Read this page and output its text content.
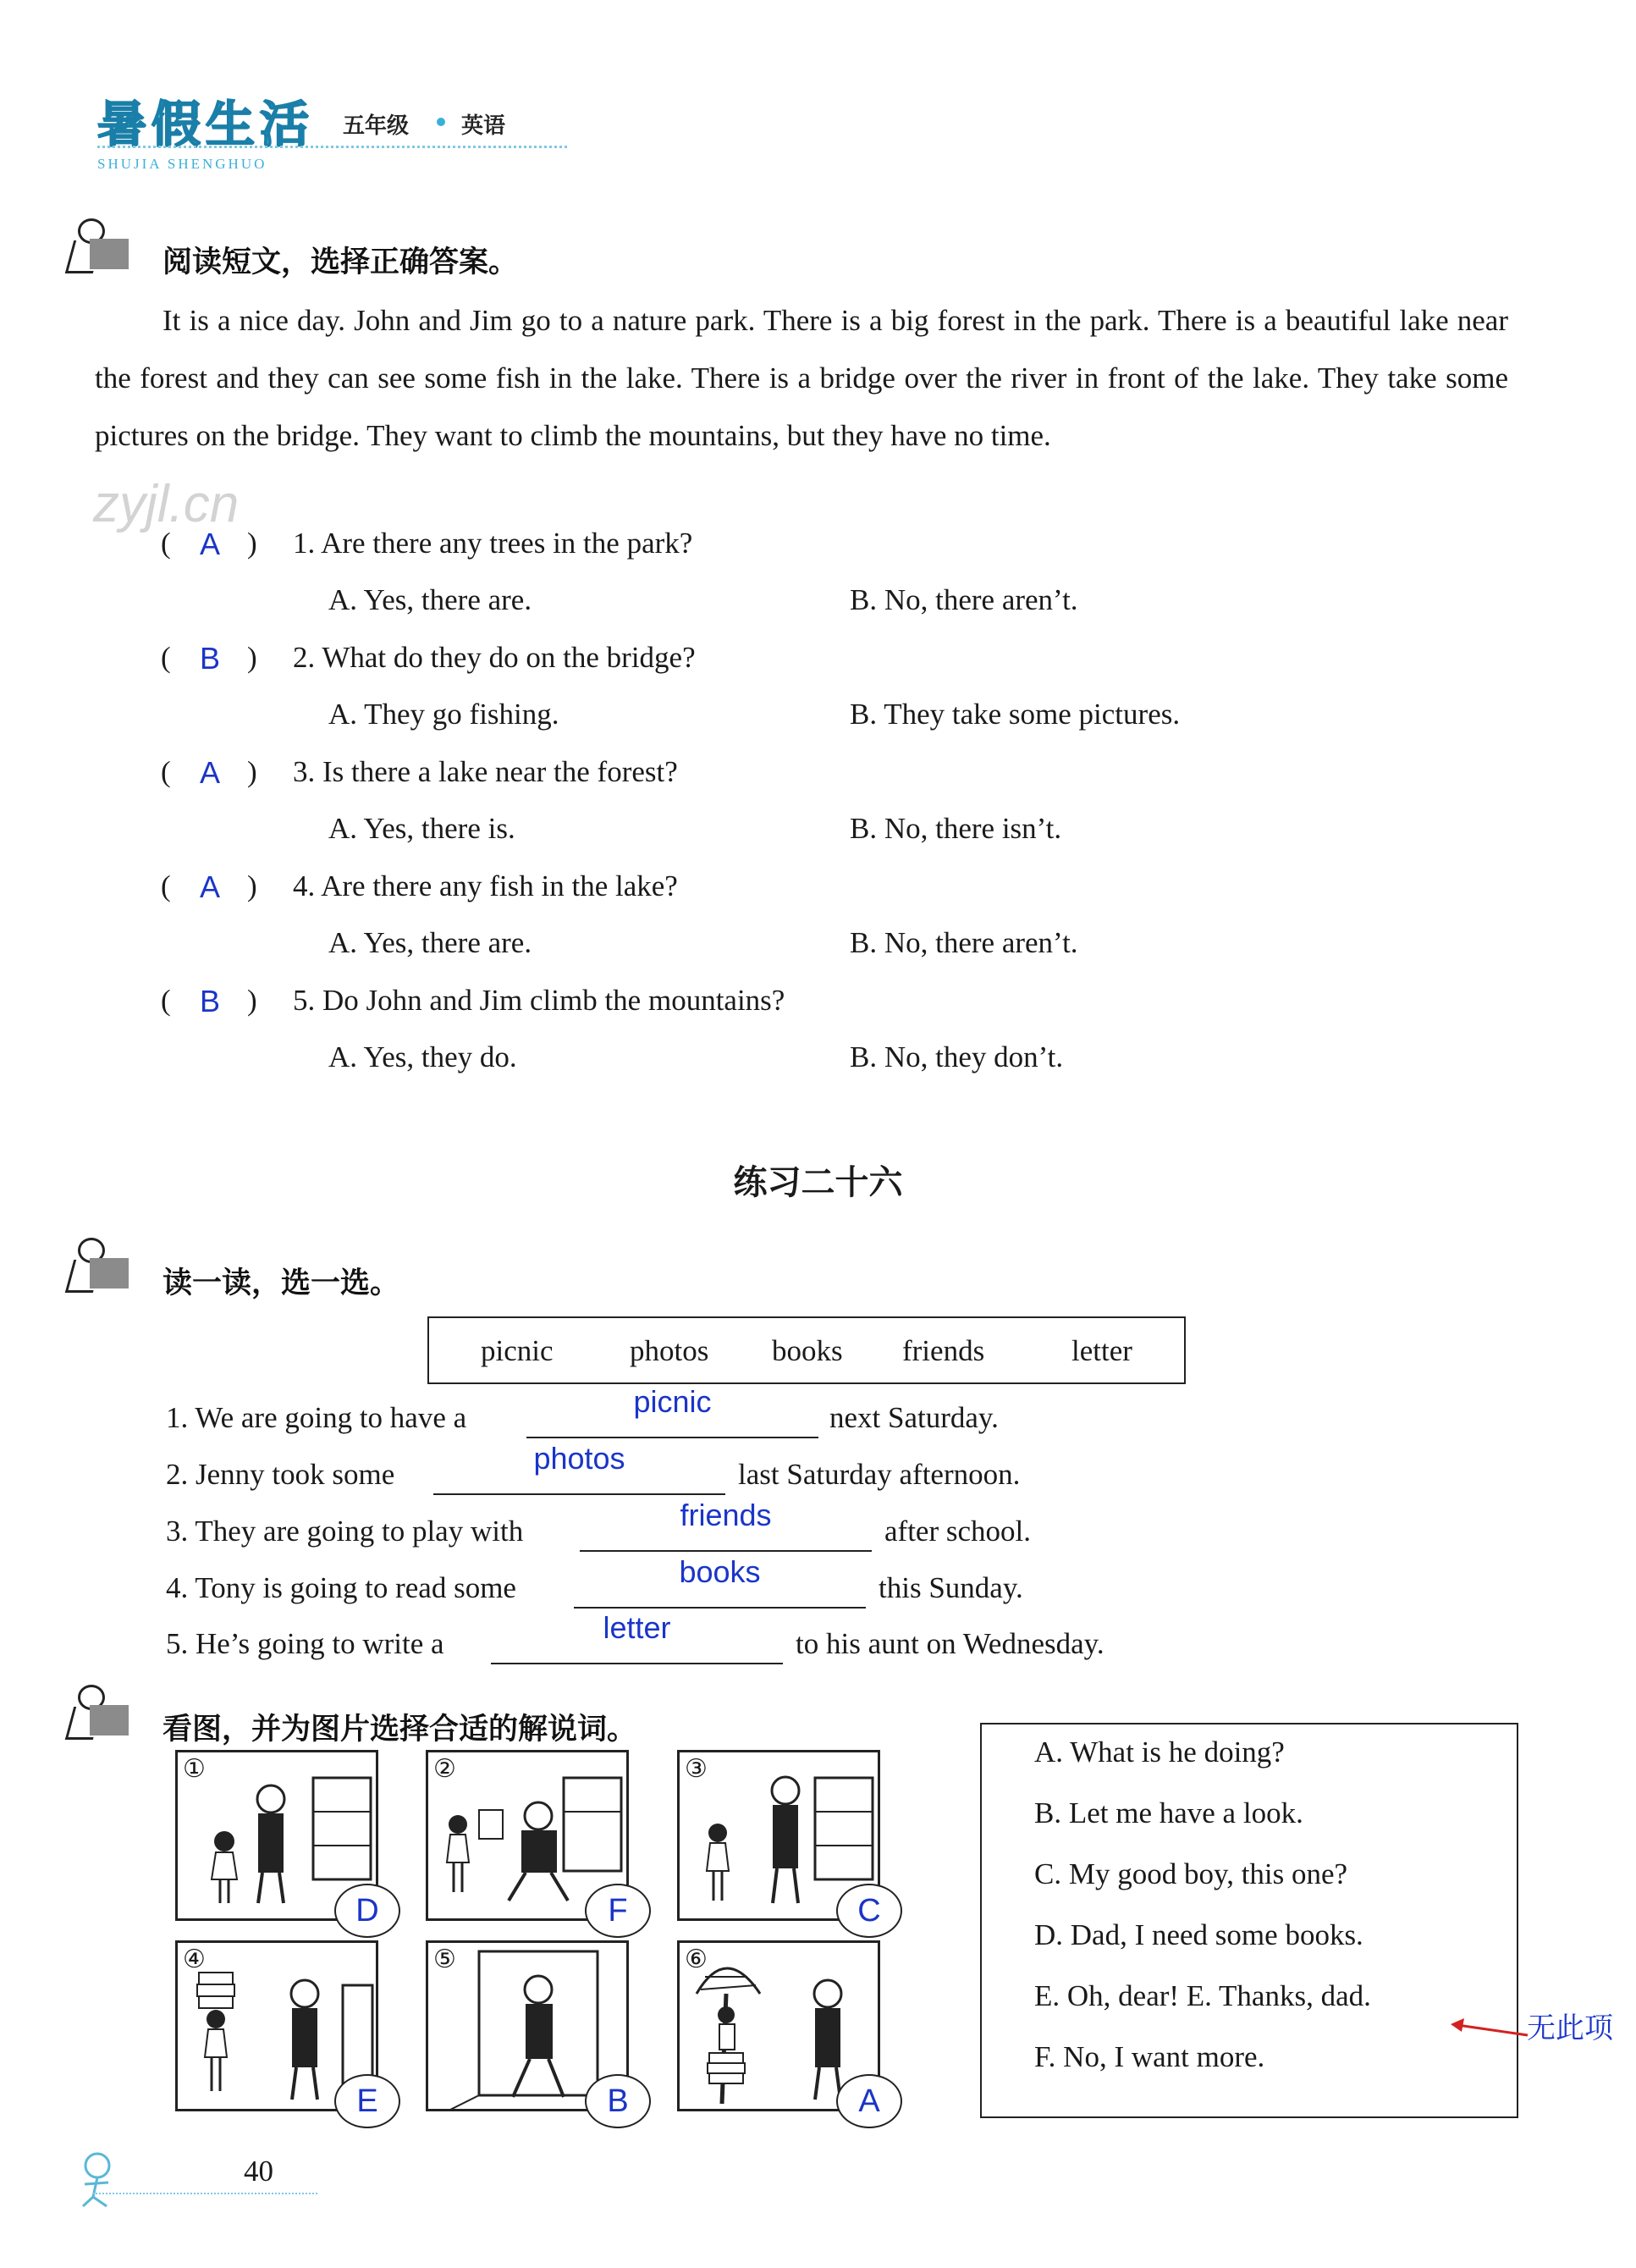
暑假生活 五年级 英语
SHUJIA SHENGHUO
阅读短文，选择正确答案。

It is a nice day. John and Jim go to a nature park. There is a big forest in the park. There is a beautiful lake near the forest and they can see some fish in the lake. There is a bridge over the river in front of the lake. They take some pictures on the bridge. They want to climb the mountains, but they have no time.

zyjl.cn
( A ) 1. Are there any trees in the park?
A. Yes, there are.	B. No, there aren’t.
( B ) 2. What do they do on the bridge?
A. They go fishing.	B. They take some pictures.
( A ) 3. Is there a lake near the forest?
A. Yes, there is.	B. No, there isn’t.
( A ) 4. Are there any fish in the lake?
A. Yes, there are.	B. No, there aren’t.
( B ) 5. Do John and Jim climb the mountains?
A. Yes, they do.	B. No, they don’t.
练习二十六
读一读，选一选。
picnic	photos books friends	letter
1. We are going to have a	picnic	next Saturday.
2. Jenny took some	photos	last Saturday afternoon.
3. They are going to play with	friends	after school.
4. Tony is going to read some	books	this Sunday.
5. He’s going to write a	letter	to his aunt on Wednesday.
看图，并为图片选择合适的解说词。
①
D
②
F
③
C
④
E
⑤
B
⑥
A
A. What is he doing?
B. Let me have a look.
C. My good boy, this one?
D. Dad, I need some books.
E. Oh, dear! E. Thanks, dad.
F. No, I want more.
无此项
40
